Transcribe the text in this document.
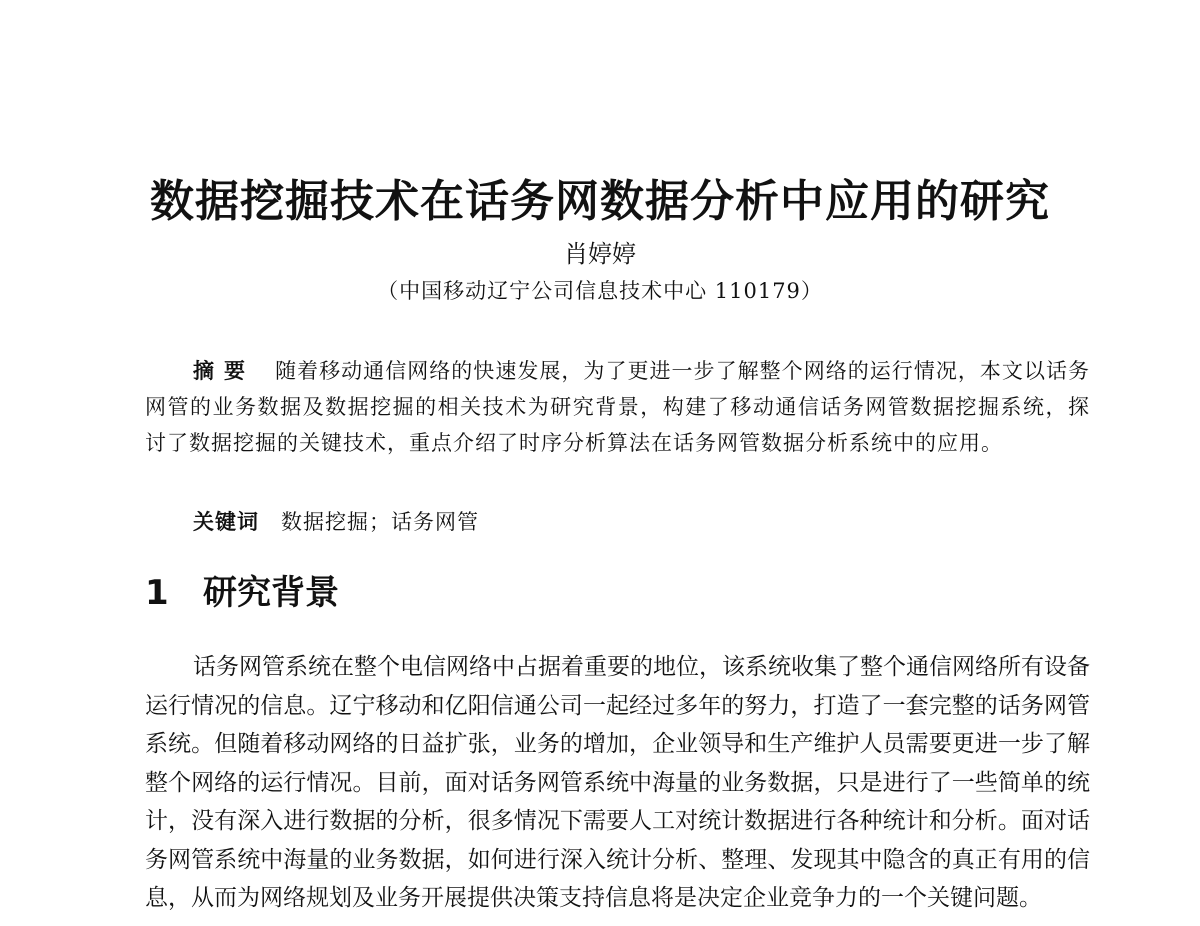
数据挖掘技术在话务网数据分析中应用的研究
肖婷婷
（中国移动辽宁公司信息技术中心 110179）
摘要 随着移动通信网络的快速发展，为了更进一步了解整个网络的运行情况，本文以话务网管的业务数据及数据挖掘的相关技术为研究背景，构建了移动通信话务网管数据挖掘系统，探讨了数据挖掘的关键技术，重点介绍了时序分析算法在话务网管数据分析系统中的应用。
关键词 数据挖掘；话务网管
1 研究背景
话务网管系统在整个电信网络中占据着重要的地位，该系统收集了整个通信网络所有设备运行情况的信息。辽宁移动和亿阳信通公司一起经过多年的努力，打造了一套完整的话务网管系统。但随着移动网络的日益扩张，业务的增加，企业领导和生产维护人员需要更进一步了解整个网络的运行情况。目前，面对话务网管系统中海量的业务数据，只是进行了一些简单的统计，没有深入进行数据的分析，很多情况下需要人工对统计数据进行各种统计和分析。面对话务网管系统中海量的业务数据，如何进行深入统计分析、整理、发现其中隐含的真正有用的信息，从而为网络规划及业务开展提供决策支持信息将是决定企业竞争力的一个关键问题。
